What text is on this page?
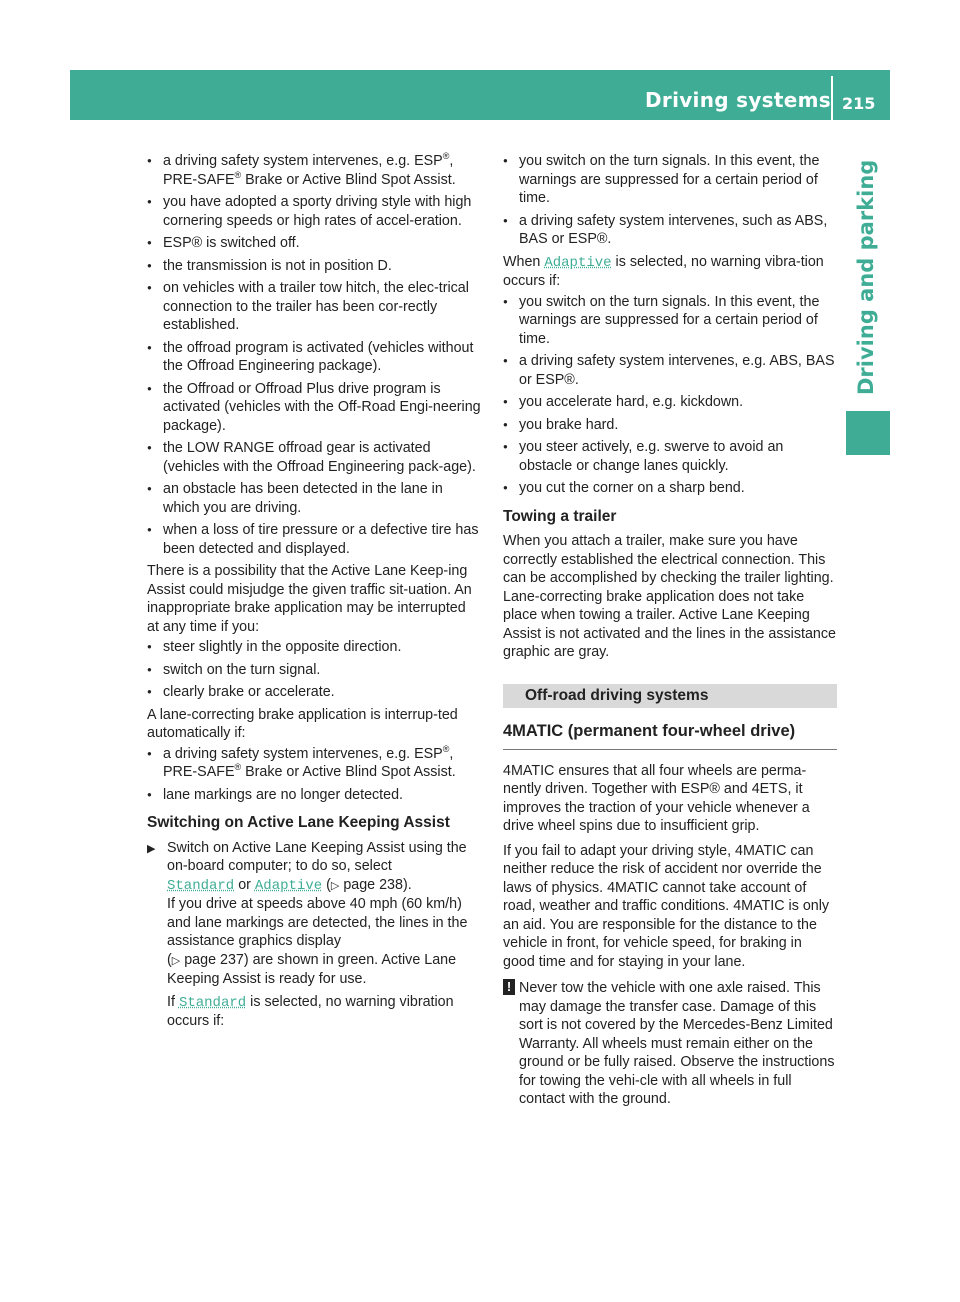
Driving systems 215
Driving and parking
● a driving safety system intervenes, e.g. ESP®, PRE-SAFE® Brake or Active Blind Spot Assist.
● you have adopted a sporty driving style with high cornering speeds or high rates of accel-eration.
● ESP® is switched off.
● the transmission is not in position D.
● on vehicles with a trailer tow hitch, the elec-trical connection to the trailer has been cor-rectly established.
● the offroad program is activated (vehicles without the Offroad Engineering package).
● the Offroad or Offroad Plus drive program is activated (vehicles with the Off-Road Engi-neering package).
● the LOW RANGE offroad gear is activated (vehicles with the Offroad Engineering pack-age).
● an obstacle has been detected in the lane in which you are driving.
● when a loss of tire pressure or a defective tire has been detected and displayed.

There is a possibility that the Active Lane Keep-ing Assist could misjudge the given traffic sit-uation. An inappropriate brake application may be interrupted at any time if you:

● steer slightly in the opposite direction.
● switch on the turn signal.
● clearly brake or accelerate.

A lane-correcting brake application is interrup-ted automatically if:

● a driving safety system intervenes, e.g. ESP®, PRE-SAFE® Brake or Active Blind Spot Assist.
● lane markings are no longer detected.
Switching on Active Lane Keeping Assist
▶ Switch on Active Lane Keeping Assist using the on-board computer; to do so, select
Standard or Adaptive (▷ page 238).
If you drive at speeds above 40 mph (60 km/h) and lane markings are detected, the lines in the assistance graphics display
(▷ page 237) are shown in green. Active Lane Keeping Assist is ready for use.

If Standard is selected, no warning vibration occurs if:

● you switch on the turn signals. In this event, the warnings are suppressed for a certain period of time.
● a driving safety system intervenes, such as ABS, BAS or ESP®.

When Adaptive is selected, no warning vibra-tion occurs if:

● you switch on the turn signals. In this event, the warnings are suppressed for a certain period of time.
● a driving safety system intervenes, e.g. ABS, BAS or ESP®.
● you accelerate hard, e.g. kickdown.
● you brake hard.
● you steer actively, e.g. swerve to avoid an obstacle or change lanes quickly.
● you cut the corner on a sharp bend.
Towing a trailer

When you attach a trailer, make sure you have correctly established the electrical connection. This can be accomplished by checking the trailer lighting. Lane-correcting brake application does not take place when towing a trailer. Active Lane Keeping Assist is not activated and the lines in the assistance graphic are gray.

Off-road driving systems
4MATIC (permanent four-wheel drive)

4MATIC ensures that all four wheels are perma-nently driven. Together with ESP® and 4ETS, it improves the traction of your vehicle whenever a drive wheel spins due to insufficient grip.

If you fail to adapt your driving style, 4MATIC can neither reduce the risk of accident nor override the laws of physics. 4MATIC cannot take account of road, weather and traffic conditions. 4MATIC is only an aid. You are responsible for the distance to the vehicle in front, for vehicle speed, for braking in good time and for staying in your lane.

! Never tow the vehicle with one axle raised. This may damage the transfer case. Damage of this sort is not covered by the Mercedes-Benz Limited Warranty. All wheels must remain either on the ground or be fully raised. Observe the instructions for towing the vehi-cle with all wheels in full contact with the ground.
